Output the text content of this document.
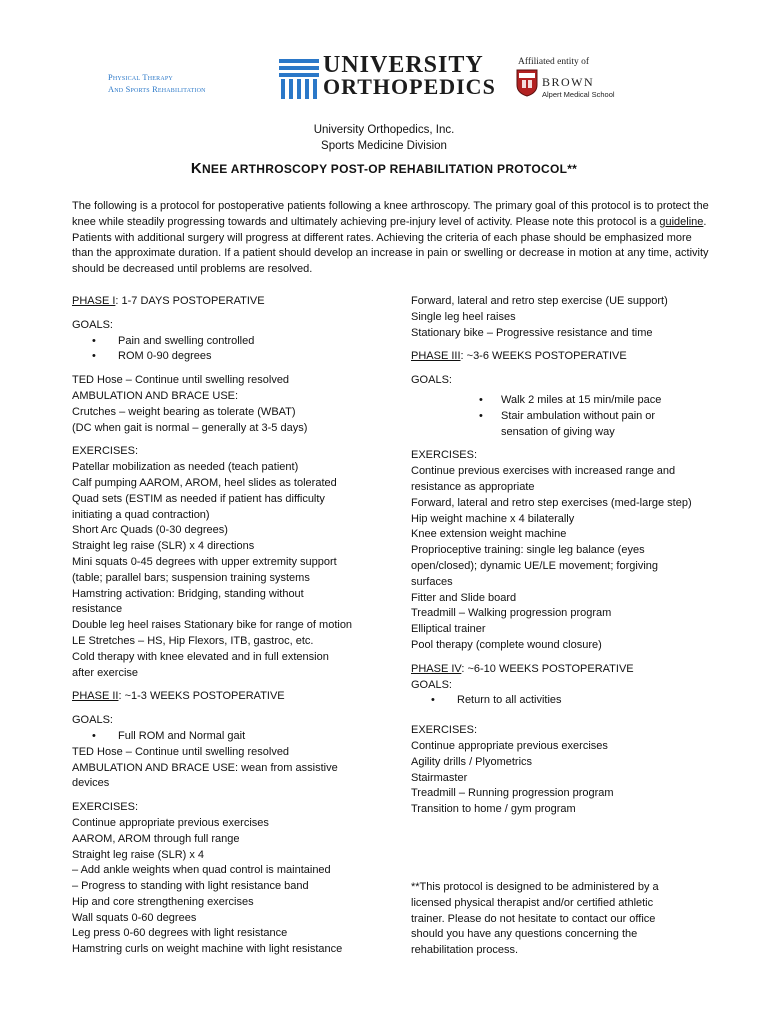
Physical Therapy
And Sports Rehabilitation
UNIVERSITY
ORTHOPEDICS
Affiliated entity of
BROWN
Alpert Medical School
University Orthopedics, Inc.
Sports Medicine Division
KNEE ARTHROSCOPY POST-OP REHABILITATION PROTOCOL**
The following is a protocol for postoperative patients following a knee arthroscopy. The primary goal of this protocol is to protect the knee while steadily progressing towards and ultimately achieving pre-injury level of activity. Please note this protocol is a guideline. Patients with additional surgery will progress at different rates. Achieving the criteria of each phase should be emphasized more than the approximate duration. If a patient should develop an increase in pain or swelling or decrease in motion at any time, activity should be decreased until problems are resolved.
PHASE I: 1-7 DAYS POSTOPERATIVE
GOALS:
• Pain and swelling controlled
• ROM 0-90 degrees
TED Hose – Continue until swelling resolved
AMBULATION AND BRACE USE:
Crutches – weight bearing as tolerate (WBAT)
(DC when gait is normal – generally at 3-5 days)
EXERCISES:
Patellar mobilization as needed (teach patient)
Calf pumping AAROM, AROM, heel slides as tolerated
Quad sets (ESTIM as needed if patient has difficulty
initiating a quad contraction)
Short Arc Quads (0-30 degrees)
Straight leg raise (SLR) x 4 directions
Mini squats 0-45 degrees with upper extremity support
(table; parallel bars; suspension training systems
Hamstring activation: Bridging, standing without
resistance
Double leg heel raises Stationary bike for range of motion
LE Stretches – HS, Hip Flexors, ITB, gastroc, etc.
Cold therapy with knee elevated and in full extension
after exercise
PHASE II: ~1-3 WEEKS POSTOPERATIVE
GOALS:
• Full ROM and Normal gait
TED Hose – Continue until swelling resolved
AMBULATION AND BRACE USE: wean from assistive
devices
EXERCISES:
Continue appropriate previous exercises
AAROM, AROM through full range
Straight leg raise (SLR) x 4
– Add ankle weights when quad control is maintained
– Progress to standing with light resistance band
Hip and core strengthening exercises
Wall squats 0-60 degrees
Leg press 0-60 degrees with light resistance
Hamstring curls on weight machine with light resistance
Forward, lateral and retro step exercise (UE support)
Single leg heel raises
Stationary bike – Progressive resistance and time
PHASE III: ~3-6 WEEKS POSTOPERATIVE
GOALS:
• Walk 2 miles at 15 min/mile pace
• Stair ambulation without pain or
sensation of giving way
EXERCISES:
Continue previous exercises with increased range and
resistance as appropriate
Forward, lateral and retro step exercises (med-large step)
Hip weight machine x 4 bilaterally
Knee extension weight machine
Proprioceptive training: single leg balance (eyes
open/closed); dynamic UE/LE movement; forgiving
surfaces
Fitter and Slide board
Treadmill – Walking progression program
Elliptical trainer
Pool therapy (complete wound closure)
PHASE IV: ~6-10 WEEKS POSTOPERATIVE
GOALS:
• Return to all activities
EXERCISES:
Continue appropriate previous exercises
Agility drills / Plyometrics
Stairmaster
Treadmill – Running progression program
Transition to home / gym program
**This protocol is designed to be administered by a
licensed physical therapist and/or certified athletic
trainer. Please do not hesitate to contact our office
should you have any questions concerning the
rehabilitation process.
